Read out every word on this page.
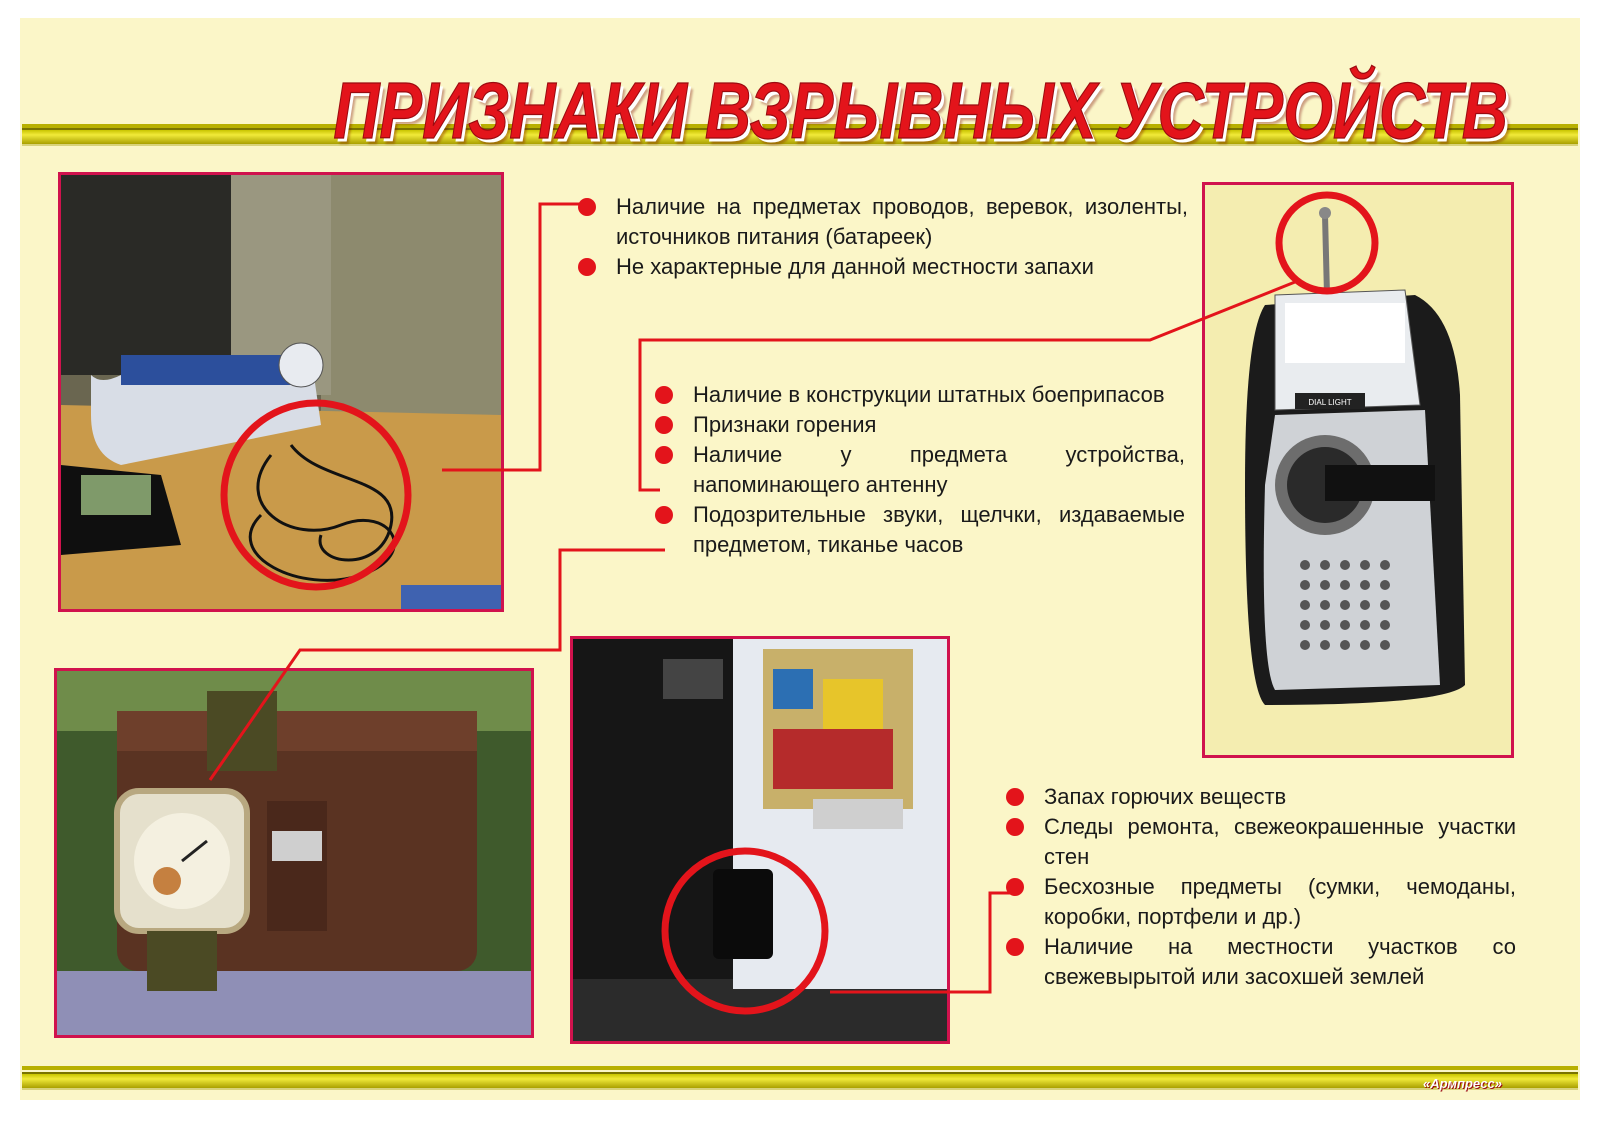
ПРИЗНАКИ ВЗРЫВНЫХ УСТРОЙСТВ
DIAL LIGHT
Наличие на предметах проводов, веревок, изоленты, источников питания (батареек)
Не характерные для данной местности запахи
Наличие в конструкции штатных боеприпасов
Признаки горения
Наличие у предмета устройства, напоминающего антенну
Подозрительные звуки, щелчки, издаваемые предметом, тиканье часов
Запах горючих веществ
Следы ремонта, свежеокрашенные участки стен
Бесхозные предметы (сумки, чемоданы, коробки, портфели и др.)
Наличие на местности участков со свежевырытой или засохшей землей
«Армпресс»
